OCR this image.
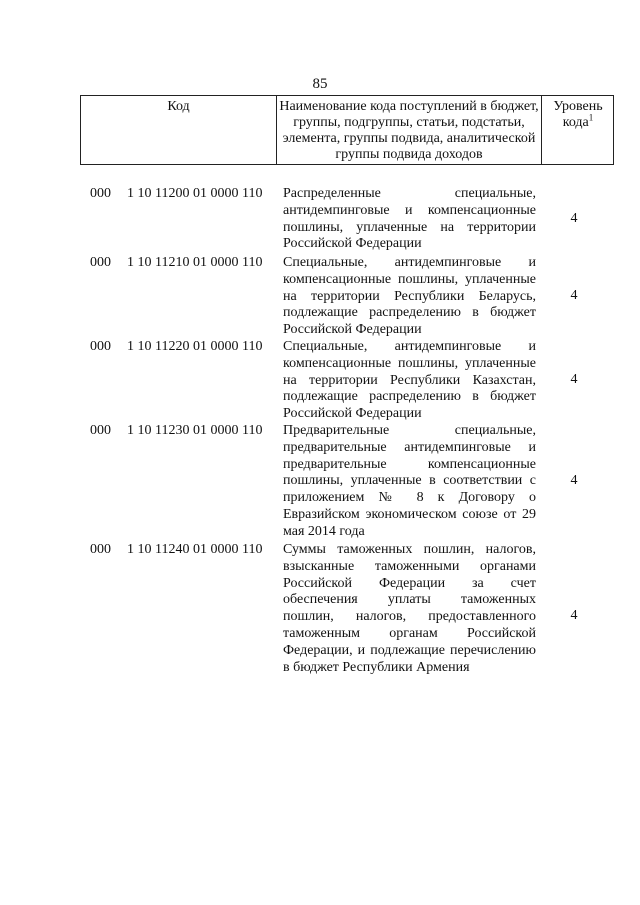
85
Код	Наименование кода поступлений в бюджет, группы, подгруппы, статьи, подстатьи, элемента, группы подвида, аналитической группы подвида доходов
Уровень кода$^1$
000 1 10 11200 01 0000 110 Распределенные специальные, антидемпинговые и компенсационные пошлины, уплаченные на территории Российской Федерации
4
000 1 10 11210 01 0000 110 Специальные, антидемпинговые и компенсационные пошлины, уплаченные на территории Республики Беларусь, подлежащие распределению в бюджет Российской Федерации
4
000 1 10 11220 01 0000 110 Специальные, антидемпинговые и компенсационные пошлины, уплаченные на территории Республики Казахстан, подлежащие распределению в бюджет Российской Федерации
4
000 1 10 11230 01 0000 110 Предварительные специальные, предварительные антидемпинговые и предварительные компенсационные пошлины, уплаченные в соответствии с приложением № 8 к Договору о Евразийском экономическом союзе от 29 мая 2014 года
4
000 1 10 11240 01 0000 110 Суммы таможенных пошлин, налогов, взысканные таможенными органами Российской Федерации за счет обеспечения уплаты таможенных пошлин, налогов, предоставленного таможенным органам Российской Федерации, и подлежащие перечислению в бюджет Республики Армения
4
